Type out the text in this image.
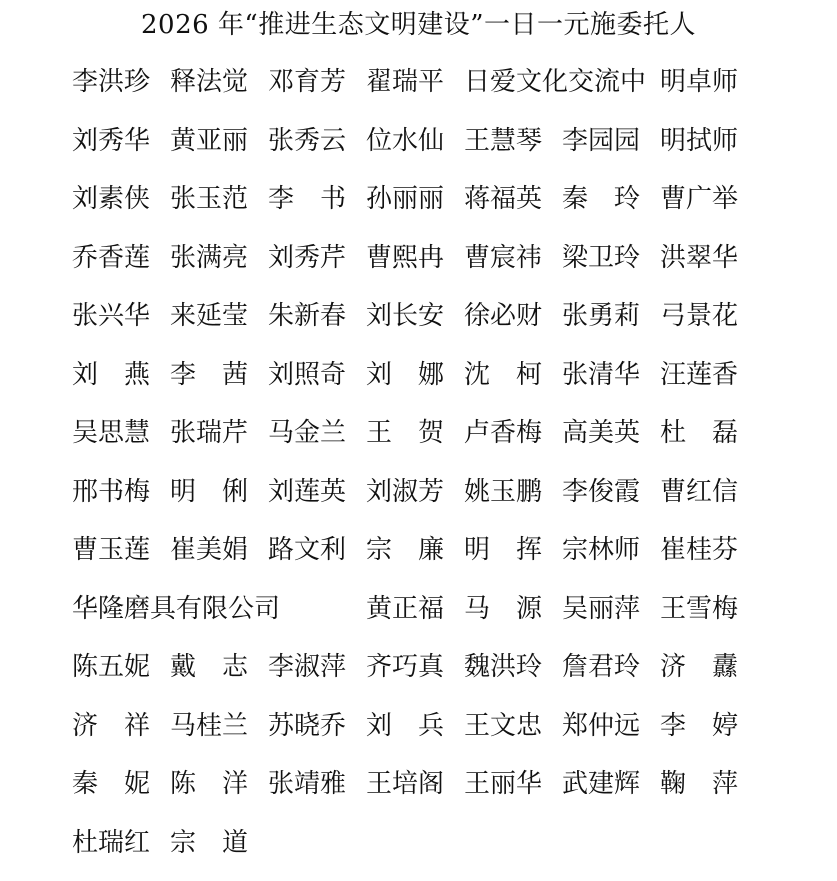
2026 年“推进生态文明建设”一日一元施委托人
李洪珍 释法觉 邓育芳 翟瑞平 日爱文化交流中 明卓师
刘秀华 黄亚丽 张秀云 位水仙 王慧琴 李园园 明拭师
刘素侠 张玉范 李　书 孙丽丽 蒋福英 秦　玲 曹广举
乔香莲 张满亮 刘秀芹 曹熙冉 曹宸祎 梁卫玲 洪翠华
张兴华 来延莹 朱新春 刘长安 徐必财 张勇莉 弓景花
刘　燕 李　茜 刘照奇 刘　娜 沈　柯 张清华 汪莲香
吴思慧 张瑞芹 马金兰 王　贺 卢香梅 高美英 杜　磊
邢书梅 明　俐 刘莲英 刘淑芳 姚玉鹏 李俊霞 曹红信
曹玉莲 崔美娟 路文利 宗　廉 明　挥 宗林师 崔桂芬
华隆磨具有限公司	黄正福 马　源 吴丽萍 王雪梅
陈五妮 戴　志 李淑萍 齐巧真 魏洪玲 詹君玲 济　纛
济　祥 马桂兰 苏晓乔 刘　兵 王文忠 郑仲远 李　婷
秦　妮 陈　洋 张靖雅 王培阁 王丽华 武建辉 鞠　萍
杜瑞红 宗　道
